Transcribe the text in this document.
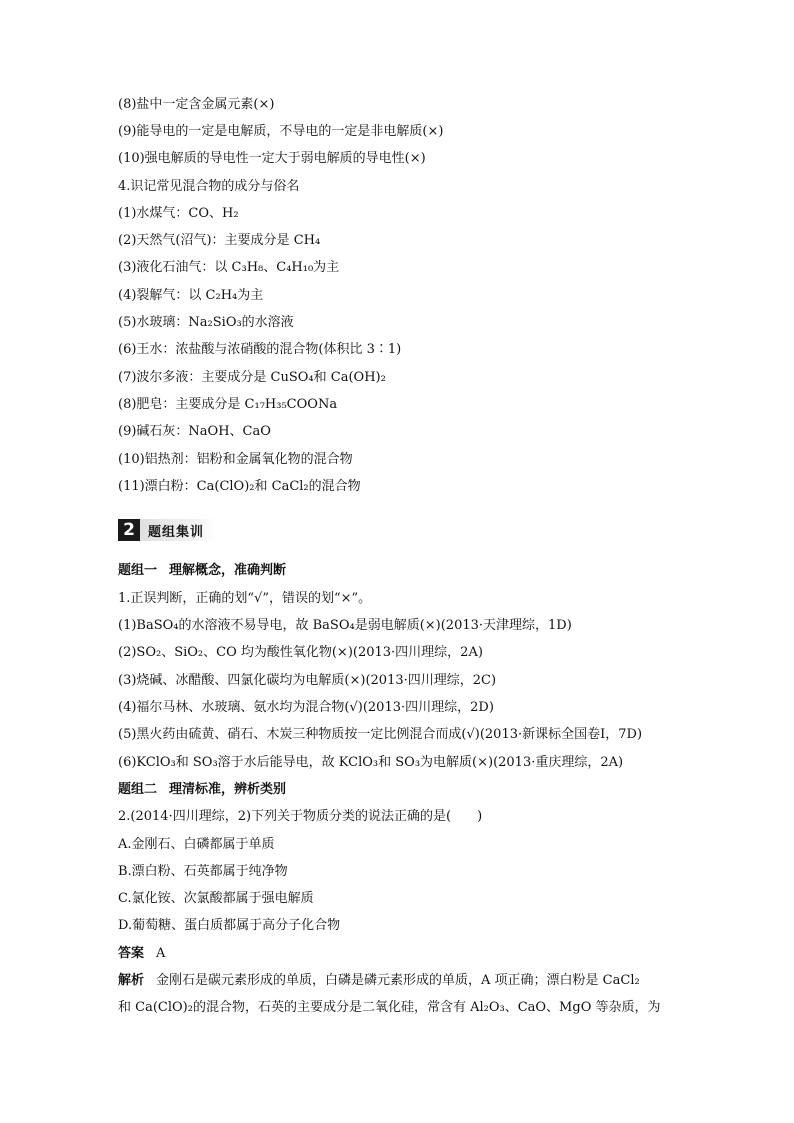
(8)盐中一定含金属元素(×)
(9)能导电的一定是电解质，不导电的一定是非电解质(×)
(10)强电解质的导电性一定大于弱电解质的导电性(×)
4.识记常见混合物的成分与俗名
(1)水煤气：CO、H₂
(2)天然气(沼气)：主要成分是 CH₄
(3)液化石油气：以 C₃H₈、C₄H₁₀为主
(4)裂解气：以 C₂H₄为主
(5)水玻璃：Na₂SiO₃的水溶液
(6)王水：浓盐酸与浓硝酸的混合物(体积比 3∶1)
(7)波尔多液：主要成分是 CuSO₄和 Ca(OH)₂
(8)肥皂：主要成分是 C₁₇H₃₅COONa
(9)碱石灰：NaOH、CaO
(10)铝热剂：铝粉和金属氧化物的混合物
(11)漂白粉：Ca(ClO)₂和 CaCl₂的混合物
2	题组集训
题组一 理解概念，准确判断
1.正误判断，正确的划“√”，错误的划“×”。
(1)BaSO₄的水溶液不易导电，故 BaSO₄是弱电解质(×)(2013·天津理综，1D)
(2)SO₂、SiO₂、CO 均为酸性氧化物(×)(2013·四川理综，2A)
(3)烧碱、冰醋酸、四氯化碳均为电解质(×)(2013·四川理综，2C)
(4)福尔马林、水玻璃、氨水均为混合物(√)(2013·四川理综，2D)
(5)黑火药由硫黄、硝石、木炭三种物质按一定比例混合而成(√)(2013·新课标全国卷Ⅰ，7D)
(6)KClO₃和 SO₃溶于水后能导电，故 KClO₃和 SO₃为电解质(×)(2013·重庆理综，2A)
题组二 理清标准，辨析类别
2.(2014·四川理综，2)下列关于物质分类的说法正确的是(　　)
A.金刚石、白磷都属于单质
B.漂白粉、石英都属于纯净物
C.氯化铵、次氯酸都属于强电解质
D.葡萄糖、蛋白质都属于高分子化合物
答案 A
解析 金刚石是碳元素形成的单质，白磷是磷元素形成的单质，A 项正确；漂白粉是 CaCl₂
和 Ca(ClO)₂的混合物，石英的主要成分是二氧化硅，常含有 Al₂O₃、CaO、MgO 等杂质，为
